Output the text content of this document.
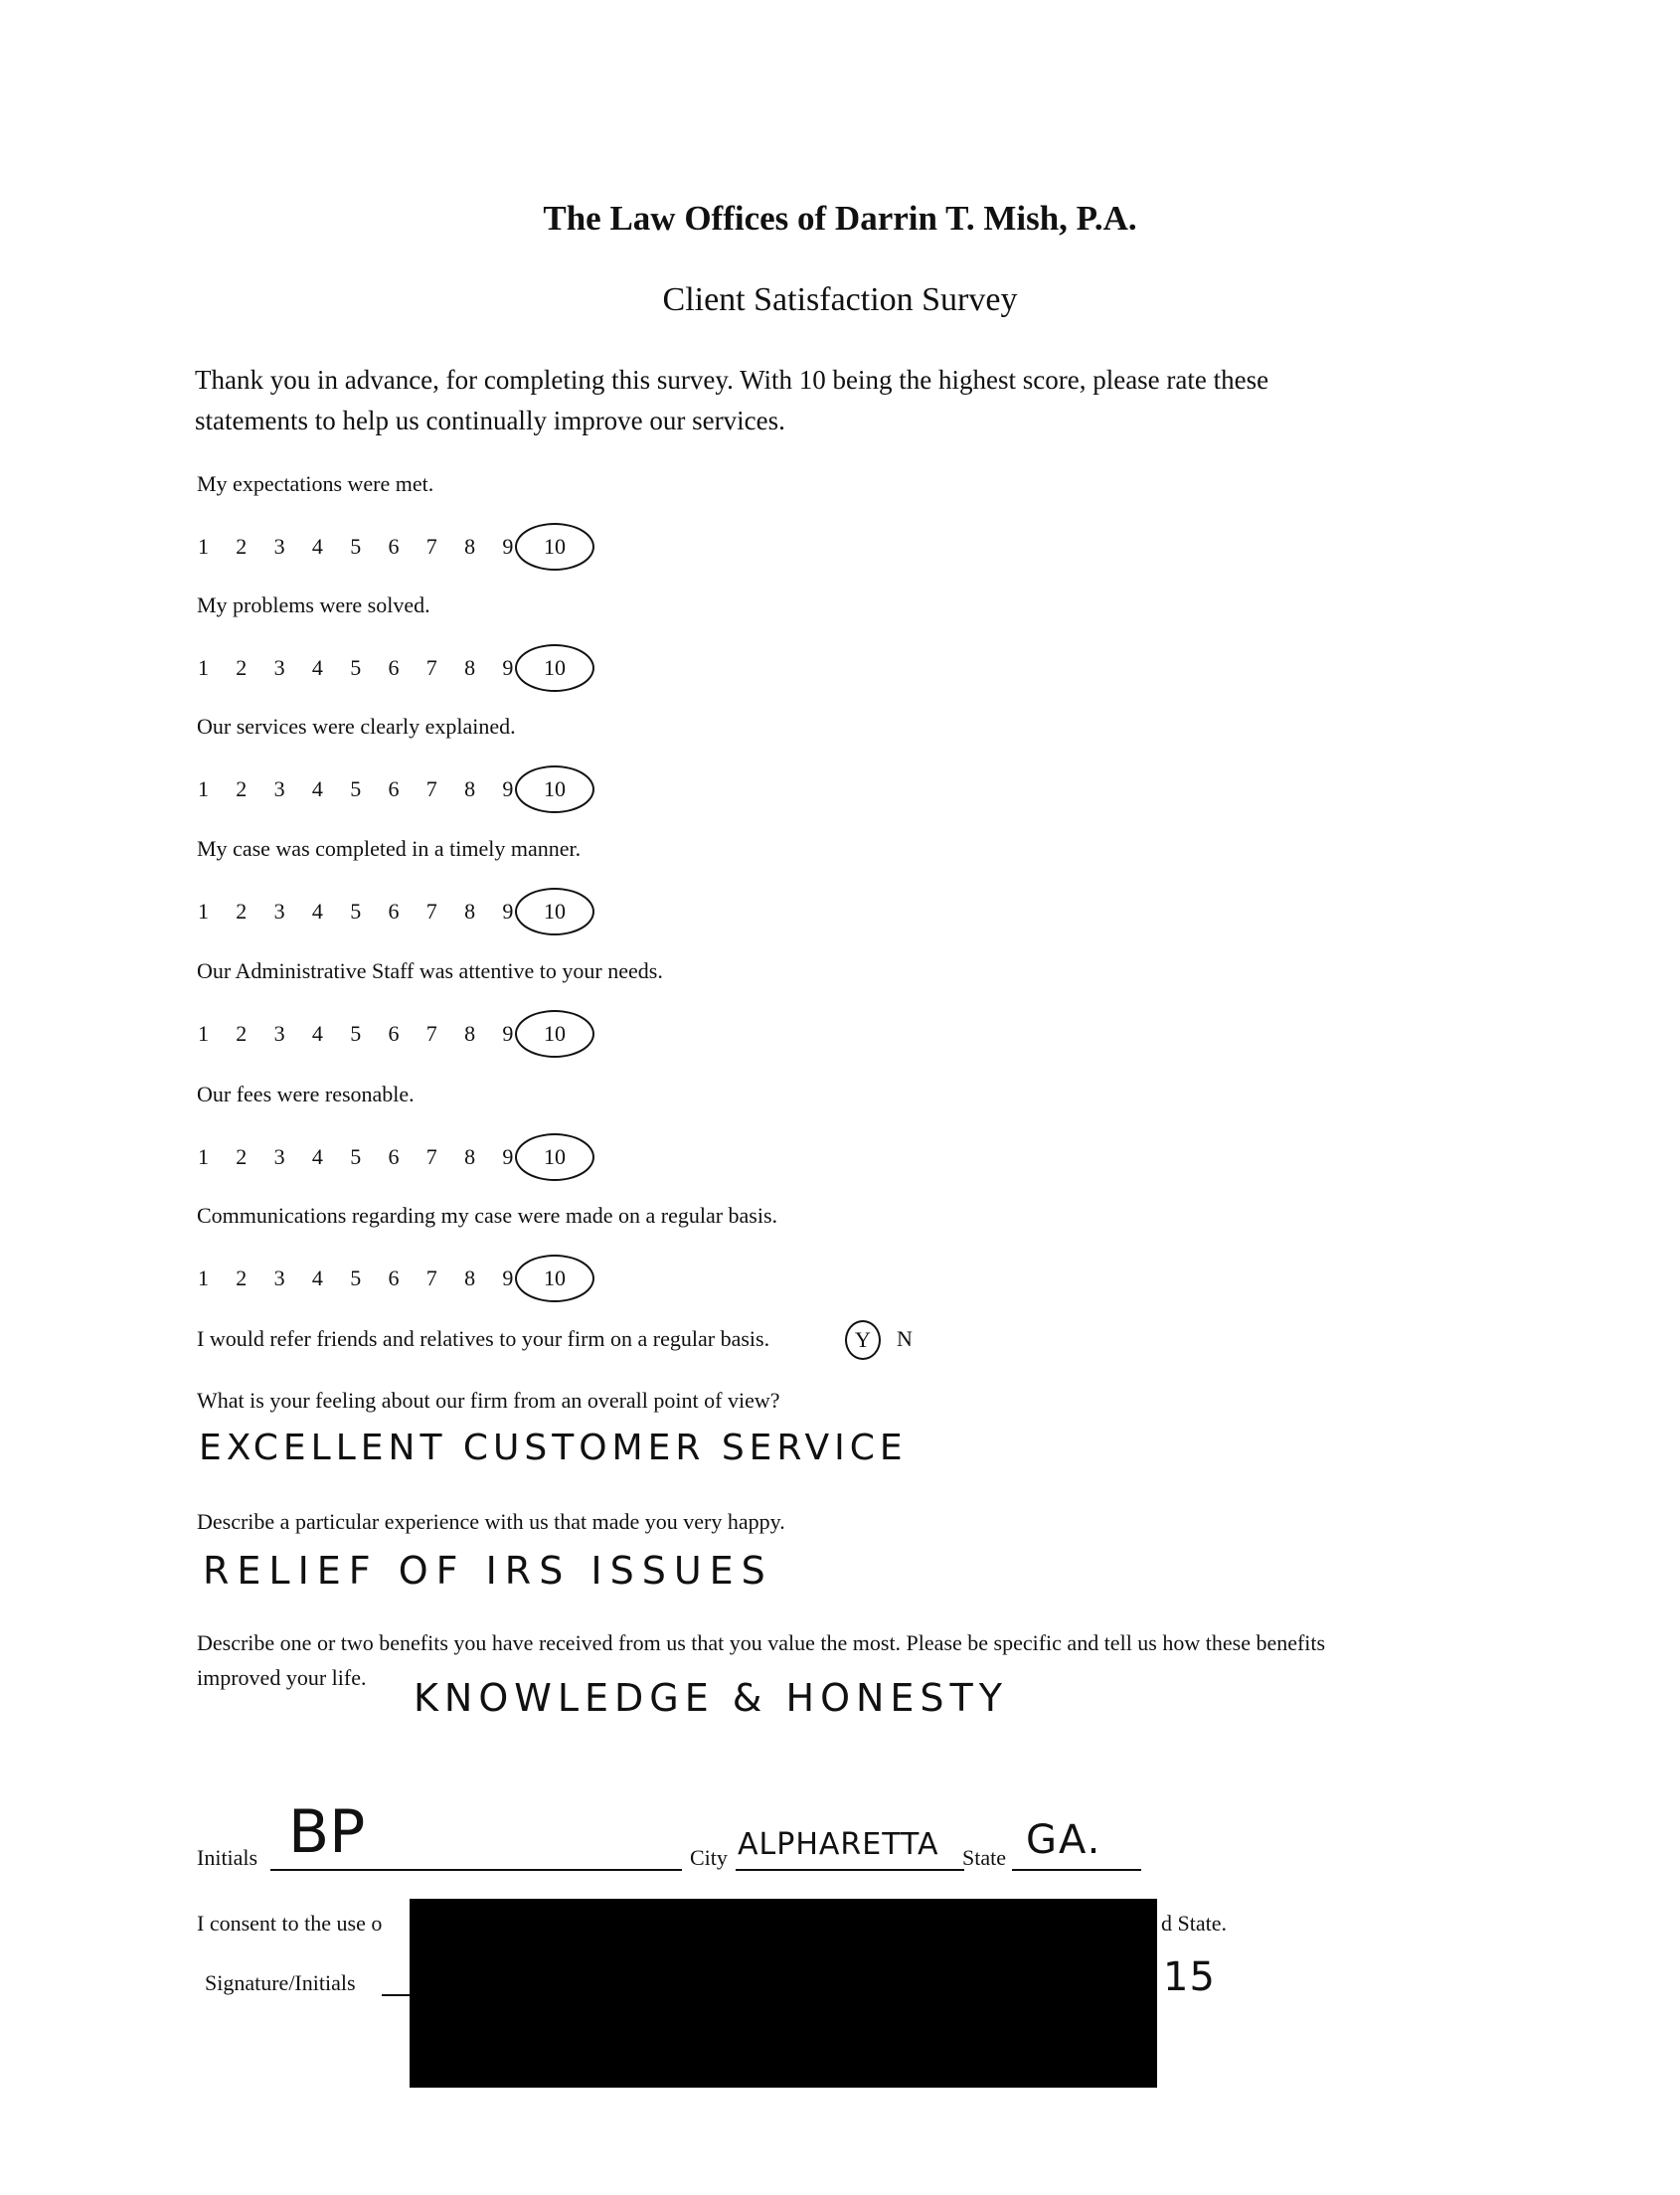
The Law Offices of Darrin T. Mish, P.A.
Client Satisfaction Survey
Thank you in advance, for completing this survey. With 10 being the highest score, please rate these
statements to help us continually improve our services.
My expectations were met.
1	2	3	4	5	6	7	8	9	10
My problems were solved.
1	2	3	4	5	6	7	8	9	10
Our services were clearly explained.
1	2	3	4	5	6	7	8	9	10
My case was completed in a timely manner.
1	2	3	4	5	6	7	8	9	10
Our Administrative Staff was attentive to your needs.
1	2	3	4	5	6	7	8	9	10
Our fees were resonable.
1	2	3	4	5	6	7	8	9	10
Communications regarding my case were made on a regular basis.
1	2	3	4	5	6	7	8	9	10
I would refer friends and relatives to your firm on a regular basis.	Y	N
What is your feeling about our firm from an overall point of view?
EXCELLENT CUSTOMER SERVICE
Describe a particular experience with us that made you very happy.
RELIEF OF IRS ISSUES
Describe one or two benefits you have received from us that you value the most. Please be specific and tell us how these benefits
improved your life. KNOWLEDGE & HONESTY
Initials BP	City ALPHARETTA State GA.
I consent to the use o	d State.
Signature/Initials	15
